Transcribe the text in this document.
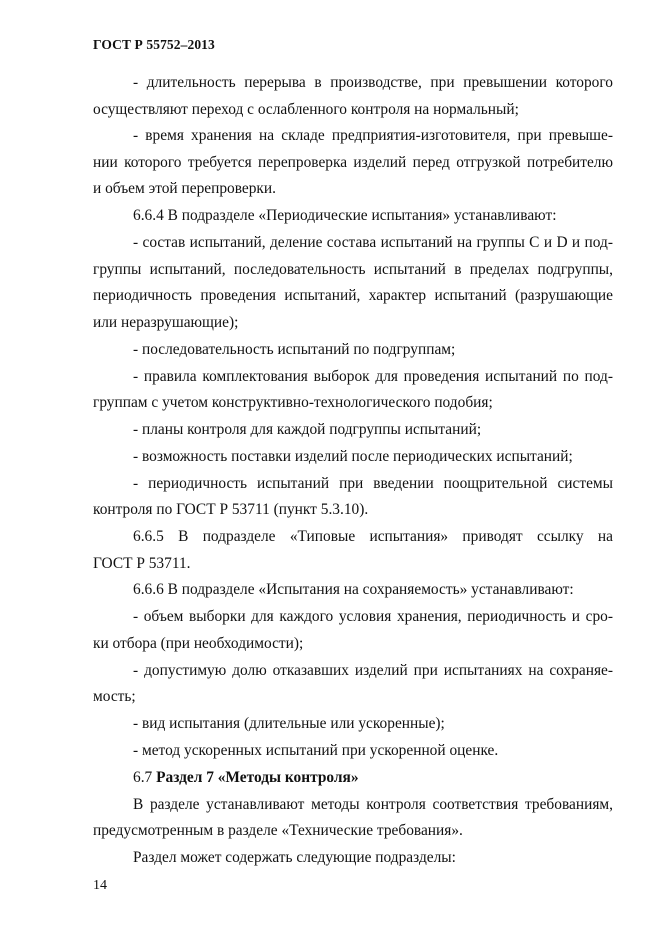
ГОСТ Р 55752–2013
- длительность перерыва в производстве, при превышении которого
осуществляют переход с ослабленного контроля на нормальный;
- время хранения на складе предприятия-изготовителя, при превыше-
нии которого требуется перепроверка изделий перед отгрузкой потребителю
и объем этой перепроверки.
6.6.4 В подразделе «Периодические испытания» устанавливают:
- состав испытаний, деление состава испытаний на группы С и D и под-
группы испытаний, последовательность испытаний в пределах подгруппы,
периодичность проведения испытаний, характер испытаний (разрушающие
или неразрушающие);
- последовательность испытаний по подгруппам;
- правила комплектования выборок для проведения испытаний по под-
группам с учетом конструктивно-технологического подобия;
- планы контроля для каждой подгруппы испытаний;
- возможность поставки изделий после периодических испытаний;
- периодичность испытаний при введении поощрительной системы
контроля по ГОСТ Р 53711 (пункт 5.3.10).
6.6.5 В подразделе «Типовые испытания» приводят ссылку на
ГОСТ Р 53711.
6.6.6 В подразделе «Испытания на сохраняемость» устанавливают:
- объем выборки для каждого условия хранения, периодичность и сро-
ки отбора (при необходимости);
- допустимую долю отказавших изделий при испытаниях на сохраняе-
мость;
- вид испытания (длительные или ускоренные);
- метод ускоренных испытаний при ускоренной оценке.
6.7 Раздел 7 «Методы контроля»
В разделе устанавливают методы контроля соответствия требованиям,
предусмотренным в разделе «Технические требования».
Раздел может содержать следующие подразделы:
14
